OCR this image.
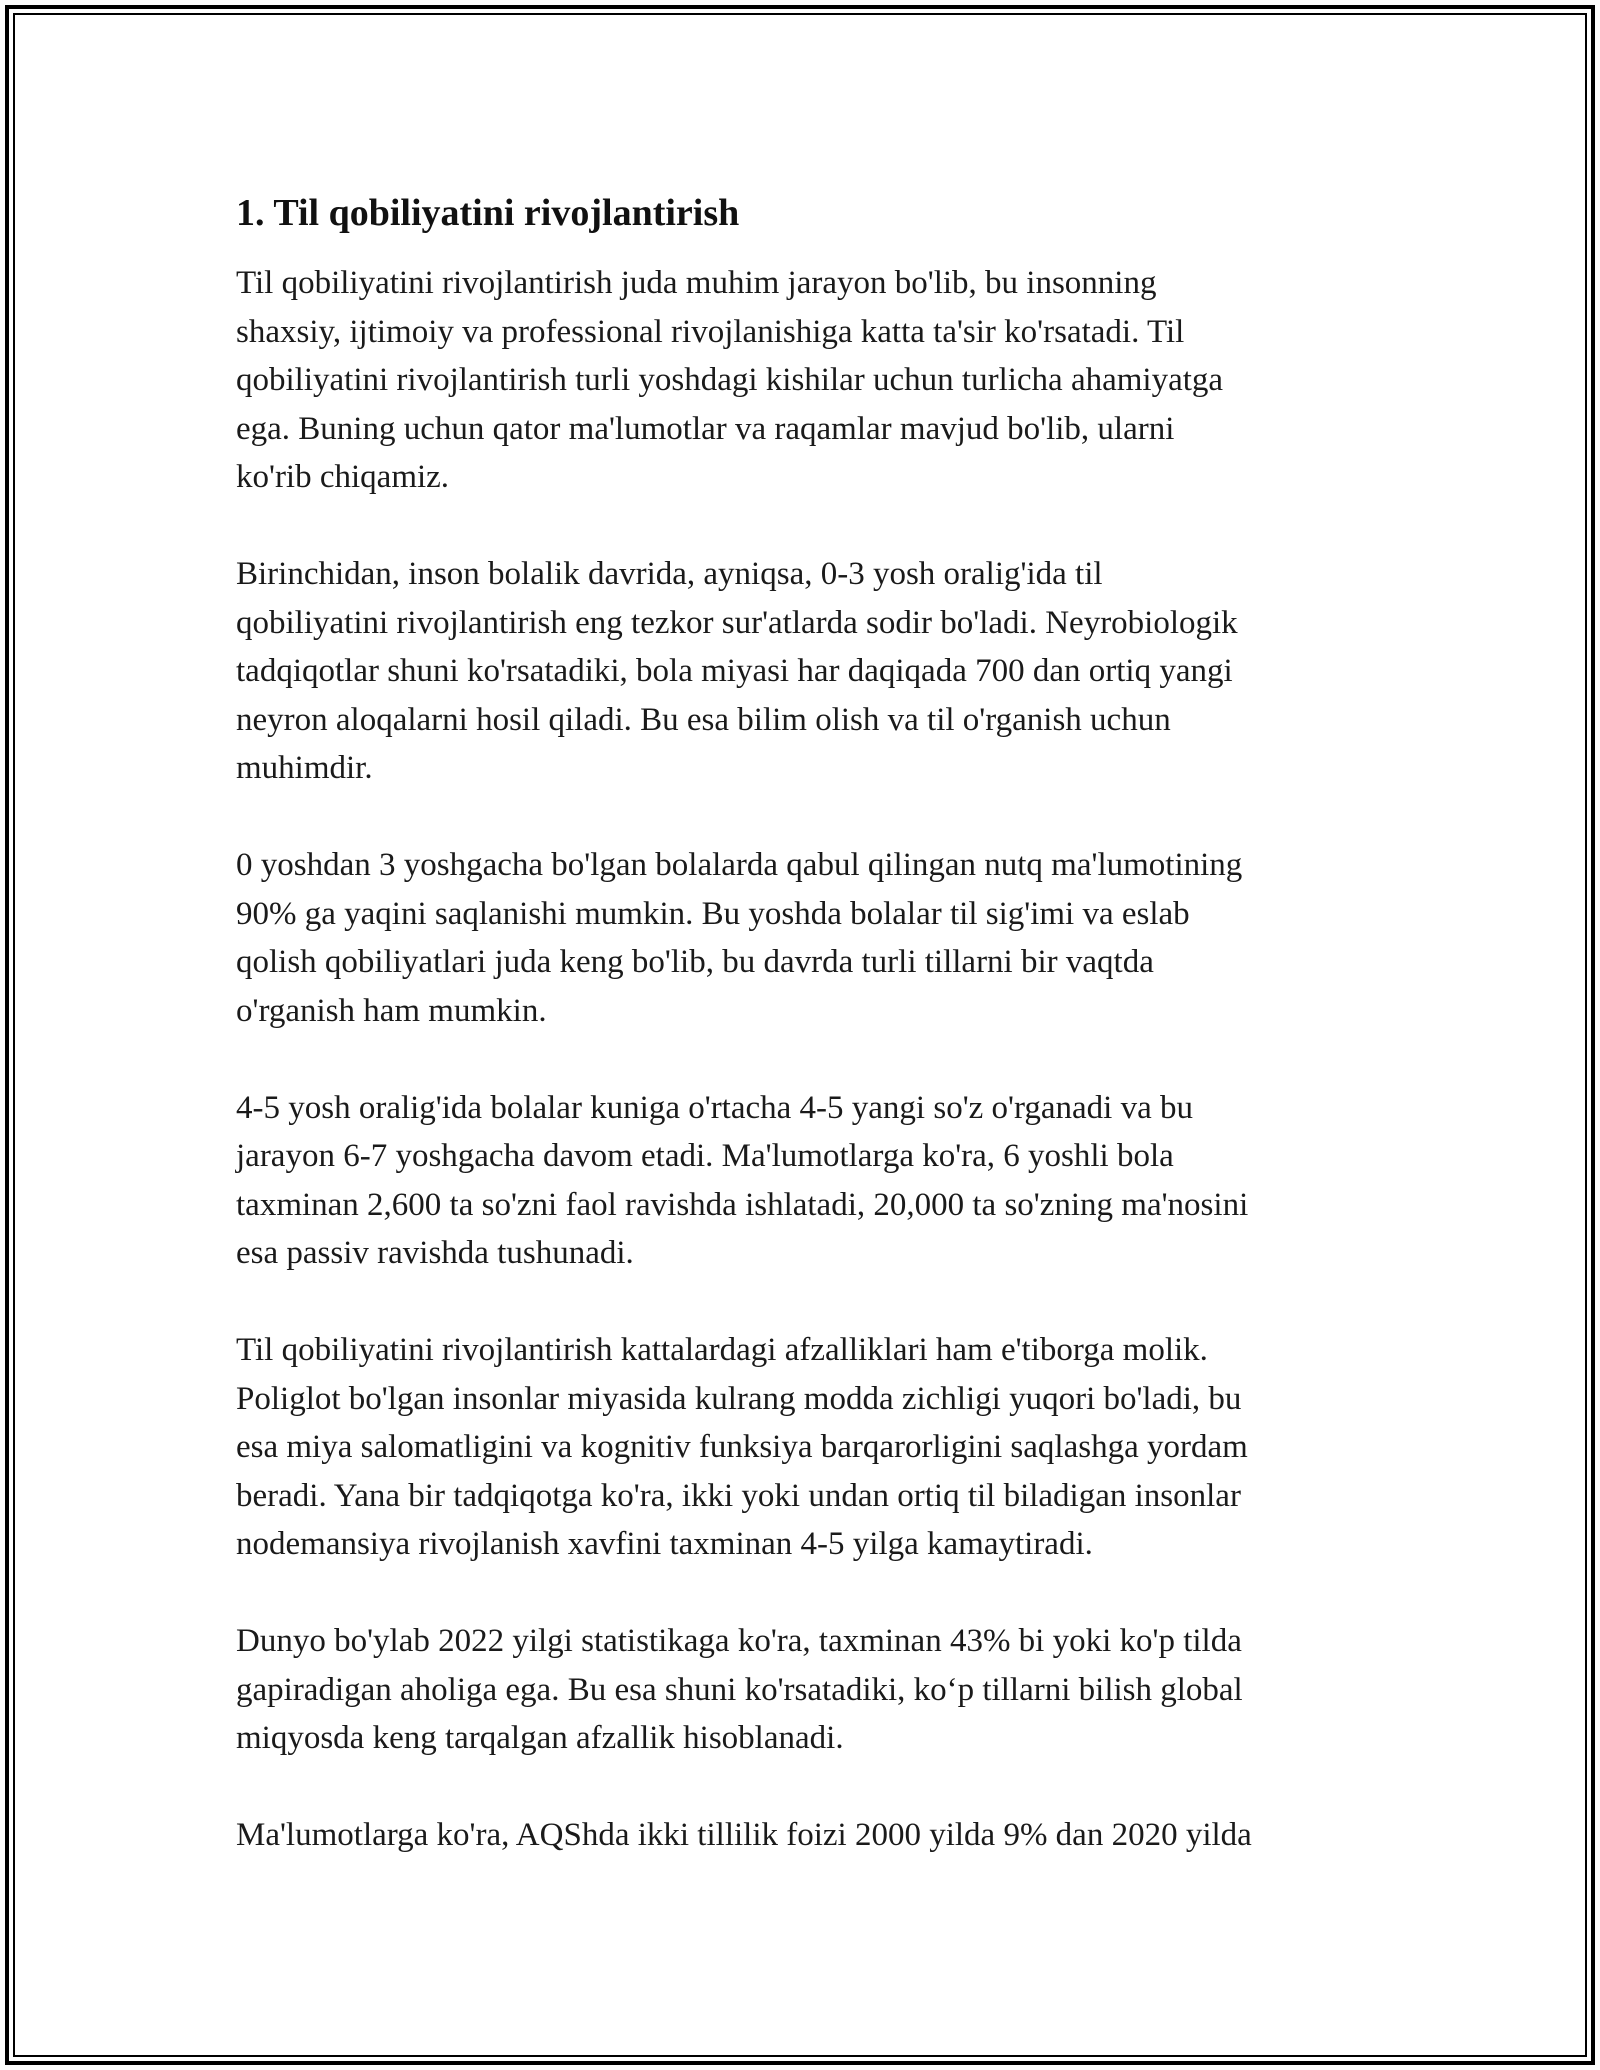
1. Til qobiliyatini rivojlantirish

Til qobiliyatini rivojlantirish juda muhim jarayon bo'lib, bu insonning
shaxsiy, ijtimoiy va professional rivojlanishiga katta ta'sir ko'rsatadi. Til
qobiliyatini rivojlantirish turli yoshdagi kishilar uchun turlicha ahamiyatga
ega. Buning uchun qator ma'lumotlar va raqamlar mavjud bo'lib, ularni
ko'rib chiqamiz.

Birinchidan, inson bolalik davrida, ayniqsa, 0-3 yosh oralig'ida til
qobiliyatini rivojlantirish eng tezkor sur'atlarda sodir bo'ladi. Neyrobiologik
tadqiqotlar shuni ko'rsatadiki, bola miyasi har daqiqada 700 dan ortiq yangi
neyron aloqalarni hosil qiladi. Bu esa bilim olish va til o'rganish uchun
muhimdir.

0 yoshdan 3 yoshgacha bo'lgan bolalarda qabul qilingan nutq ma'lumotining
90% ga yaqini saqlanishi mumkin. Bu yoshda bolalar til sig'imi va eslab
qolish qobiliyatlari juda keng bo'lib, bu davrda turli tillarni bir vaqtda
o'rganish ham mumkin.

4-5 yosh oralig'ida bolalar kuniga o'rtacha 4-5 yangi so'z o'rganadi va bu
jarayon 6-7 yoshgacha davom etadi. Ma'lumotlarga ko'ra, 6 yoshli bola
taxminan 2,600 ta so'zni faol ravishda ishlatadi, 20,000 ta so'zning ma'nosini
esa passiv ravishda tushunadi.

Til qobiliyatini rivojlantirish kattalardagi afzalliklari ham e'tiborga molik.
Poliglot bo'lgan insonlar miyasida kulrang modda zichligi yuqori bo'ladi, bu
esa miya salomatligini va kognitiv funksiya barqarorligini saqlashga yordam
beradi. Yana bir tadqiqotga ko'ra, ikki yoki undan ortiq til biladigan insonlar
nodemansiya rivojlanish xavfini taxminan 4-5 yilga kamaytiradi.

Dunyo bo'ylab 2022 yilgi statistikaga ko'ra, taxminan 43% bi yoki ko'p tilda
gapiradigan aholiga ega. Bu esa shuni ko'rsatadiki, koʻp tillarni bilish global
miqyosda keng tarqalgan afzallik hisoblanadi.

Ma'lumotlarga ko'ra, AQShda ikki tillilik foizi 2000 yilda 9% dan 2020 yilda
